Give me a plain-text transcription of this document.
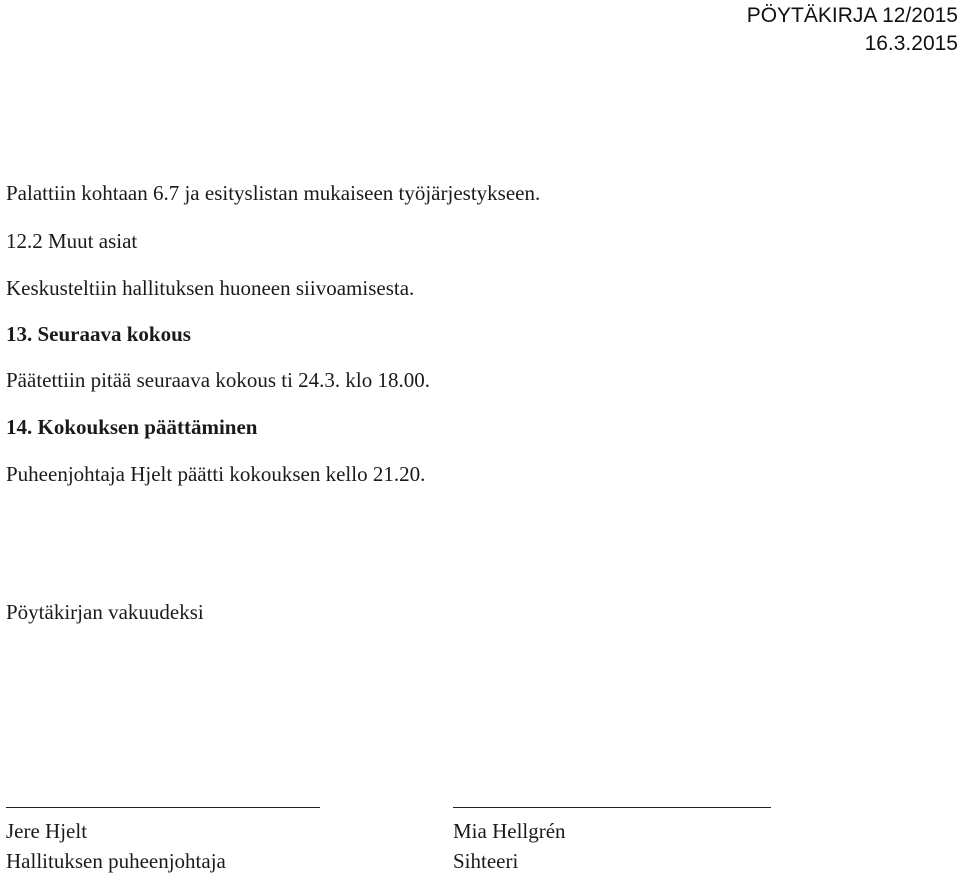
PÖYTÄKIRJA 12/2015
16.3.2015
Palattiin kohtaan 6.7 ja esityslistan mukaiseen työjärjestykseen.
12.2 Muut asiat
Keskusteltiin hallituksen huoneen siivoamisesta.
13. Seuraava kokous
Päätettiin pitää seuraava kokous ti 24.3. klo 18.00.
14. Kokouksen päättäminen
Puheenjohtaja Hjelt päätti kokouksen kello 21.20.
Pöytäkirjan vakuudeksi
Jere Hjelt
Hallituksen puheenjohtaja
Mia Hellgrén
Sihteeri
